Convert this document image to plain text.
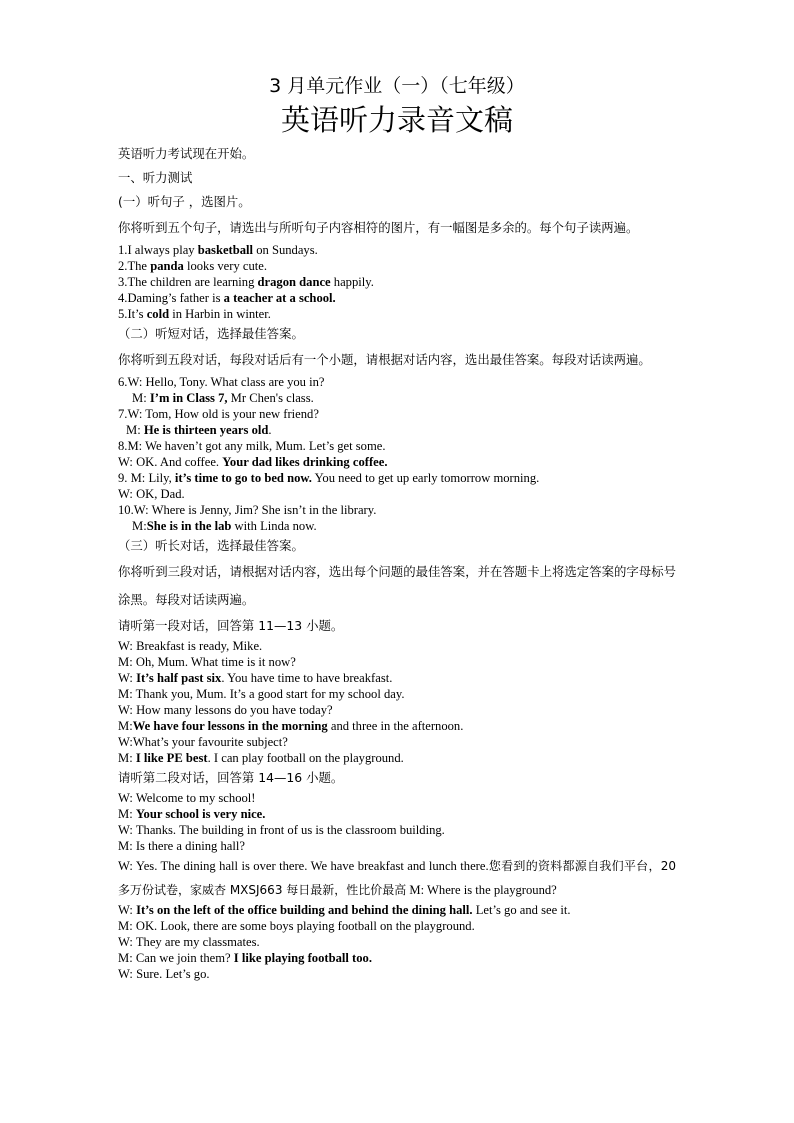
3 月单元作业（一）（七年级）
英语听力录音文稿

英语听力考试现在开始。

一、听力测试

(一）听句子 ，选图片。

你将听到五个句子，请选出与所听句子内容相符的图片，有一幅图是多余的。每个句子读两遍。

1.I always play basketball on Sundays.

2.The panda looks very cute.

3.The children are learning dragon dance happily.

4.Daming’s father is a teacher at a school.

5.It’s cold in Harbin in winter.

（二）听短对话，选择最佳答案。

你将听到五段对话，每段对话后有一个小题，请根据对话内容，选出最佳答案。每段对话读两遍。

6.W: Hello, Tony. What class are you in?

M: I’m in Class 7, Mr Chen's class.

7.W: Tom, How old is your new friend?

M: He is thirteen years old.

8.M: We haven’t got any milk, Mum. Let’s get some.

W: OK. And coffee. Your dad likes drinking coffee.

9. M: Lily, it’s time to go to bed now. You need to get up early tomorrow morning.

W: OK, Dad.

10.W: Where is Jenny, Jim? She isn’t in the library.

M:She is in the lab with Linda now.

（三）听长对话，选择最佳答案。

你将听到三段对话，请根据对话内容，选出每个问题的最佳答案，并在答题卡上将选定答案的字母标号涂黑。每段对话读两遍。

请听第一段对话，回答第 11—13 小题。

W: Breakfast is ready, Mike.

M: Oh, Mum. What time is it now?

W: It’s half past six. You have time to have breakfast.

M: Thank you, Mum. It’s a good start for my school day.

W: How many lessons do you have today?

M:We have four lessons in the morning and three in the afternoon.

W:What’s your favourite subject?

M: I like PE best. I can play football on the playground.

请听第二段对话，回答第 14—16 小题。

W: Welcome to my school!

M: Your school is very nice.

W: Thanks. The building in front of us is the classroom building.

M: Is there a dining hall?

W: Yes. The dining hall is over there. We have breakfast and lunch there.您看到的资料都源自我们平台，20 多万份试卷，家威杏 MXSJ663 每日最新，性比价最高 M: Where is the playground?

W: It’s on the left of the office building and behind the dining hall. Let’s go and see it.

M: OK. Look, there are some boys playing football on the playground.

W: They are my classmates.

M: Can we join them? I like playing football too.

W: Sure. Let’s go.
